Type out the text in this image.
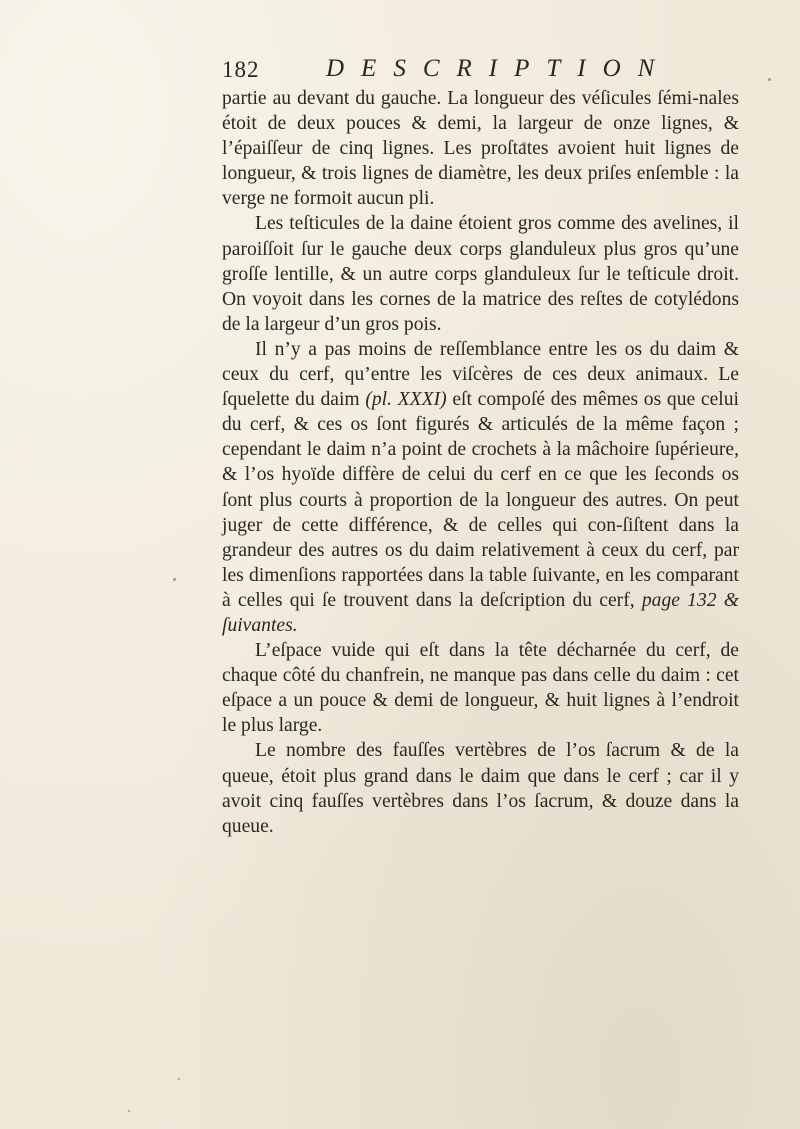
182	DESCRIPTION

partie au devant du gauche. La longueur des véſicules ſémi-nales étoit de deux pouces & demi, la largeur de onze lignes, & l’épaiſſeur de cinq lignes. Les proſtates avoient huit lignes de longueur, & trois lignes de diamètre, les deux priſes enſemble : la verge ne formoit aucun pli.

Les teſticules de la daine étoient gros comme des avelines, il paroiſſoit ſur le gauche deux corps glanduleux plus gros qu’une groſſe lentille, & un autre corps glanduleux ſur le teſticule droit. On voyoit dans les cornes de la matrice des reſtes de cotylédons de la largeur d’un gros pois.

Il n’y a pas moins de reſſemblance entre les os du daim & ceux du cerf, qu’entre les viſcères de ces deux animaux. Le ſquelette du daim (pl. XXXI) eſt compoſé des mêmes os que celui du cerf, & ces os ſont figurés & articulés de la même façon ; cependant le daim n’a point de crochets à la mâchoire ſupérieure, & l’os hyoïde diffère de celui du cerf en ce que les ſeconds os ſont plus courts à proportion de la longueur des autres. On peut juger de cette différence, & de celles qui con-ſiſtent dans la grandeur des autres os du daim relativement à ceux du cerf, par les dimenſions rapportées dans la table ſuivante, en les comparant à celles qui ſe trouvent dans la deſcription du cerf, page 132 & ſuivantes.

L’eſpace vuide qui eſt dans la tête décharnée du cerf, de chaque côté du chanfrein, ne manque pas dans celle du daim : cet eſpace a un pouce & demi de longueur, & huit lignes à l’endroit le plus large.

Le nombre des fauſſes vertèbres de l’os ſacrum & de la queue, étoit plus grand dans le daim que dans le cerf ; car il y avoit cinq fauſſes vertèbres dans l’os ſacrum, & douze dans la queue.
